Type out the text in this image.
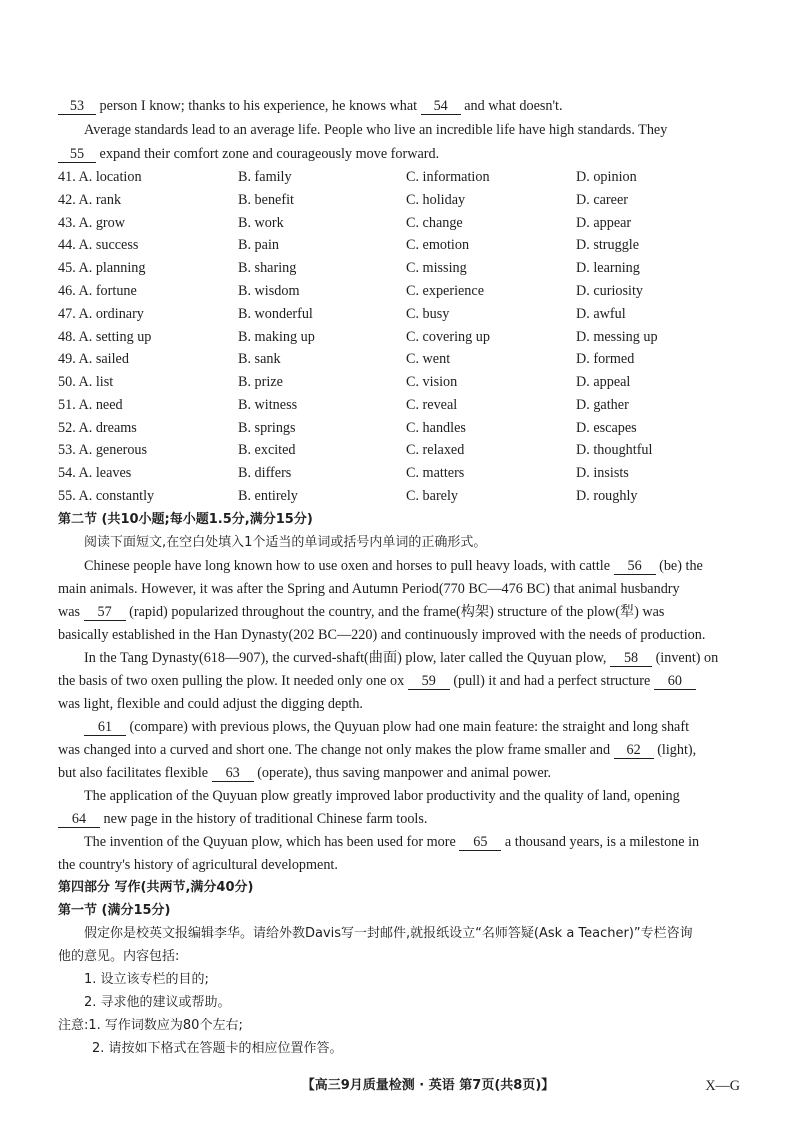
53 person I know; thanks to his experience, he knows what 54 and what doesn't.
Average standards lead to an average life. People who live an incredible life have high standards. They
55 expand their comfort zone and courageously move forward.
41. A. location	B. family	C. information	D. opinion
42. A. rank	B. benefit	C. holiday	D. career
43. A. grow	B. work	C. change	D. appear
44. A. success	B. pain	C. emotion	D. struggle
45. A. planning	B. sharing	C. missing	D. learning
46. A. fortune	B. wisdom	C. experience	D. curiosity
47. A. ordinary	B. wonderful	C. busy	D. awful
48. A. setting up	B. making up	C. covering up	D. messing up
49. A. sailed	B. sank	C. went	D. formed
50. A. list	B. prize	C. vision	D. appeal
51. A. need	B. witness	C. reveal	D. gather
52. A. dreams	B. springs	C. handles	D. escapes
53. A. generous	B. excited	C. relaxed	D. thoughtful
54. A. leaves	B. differs	C. matters	D. insists
55. A. constantly	B. entirely	C. barely	D. roughly
第二节 (共10小题;每小题1.5分,满分15分)
阅读下面短文,在空白处填入1个适当的单词或括号内单词的正确形式。
Chinese people have long known how to use oxen and horses to pull heavy loads, with cattle 56 (be) the
main animals. However, it was after the Spring and Autumn Period(770 BC—476 BC) that animal husbandry
was 57 (rapid) popularized throughout the country, and the frame(构架) structure of the plow(犁) was
basically established in the Han Dynasty(202 BC—220) and continuously improved with the needs of production.
In the Tang Dynasty(618—907), the curved-shaft(曲面) plow, later called the Quyuan plow, 58 (invent) on
the basis of two oxen pulling the plow. It needed only one ox 59 (pull) it and had a perfect structure 60
was light, flexible and could adjust the digging depth.
61 (compare) with previous plows, the Quyuan plow had one main feature: the straight and long shaft
was changed into a curved and short one. The change not only makes the plow frame smaller and 62 (light),
but also facilitates flexible 63 (operate), thus saving manpower and animal power.
The application of the Quyuan plow greatly improved labor productivity and the quality of land, opening
64 new page in the history of traditional Chinese farm tools.
The invention of the Quyuan plow, which has been used for more 65 a thousand years, is a milestone in
the country's history of agricultural development.
第四部分 写作(共两节,满分40分)
第一节 (满分15分)
假定你是校英文报编辑李华。请给外教Davis写一封邮件,就报纸设立“名师答疑(Ask a Teacher)”专栏咨询
他的意见。内容包括:
1. 设立该专栏的目的;
2. 寻求他的建议或帮助。
注意:1. 写作词数应为80个左右;
2. 请按如下格式在答题卡的相应位置作答。
【高三9月质量检测 · 英语 第7页(共8页)】	X—G
